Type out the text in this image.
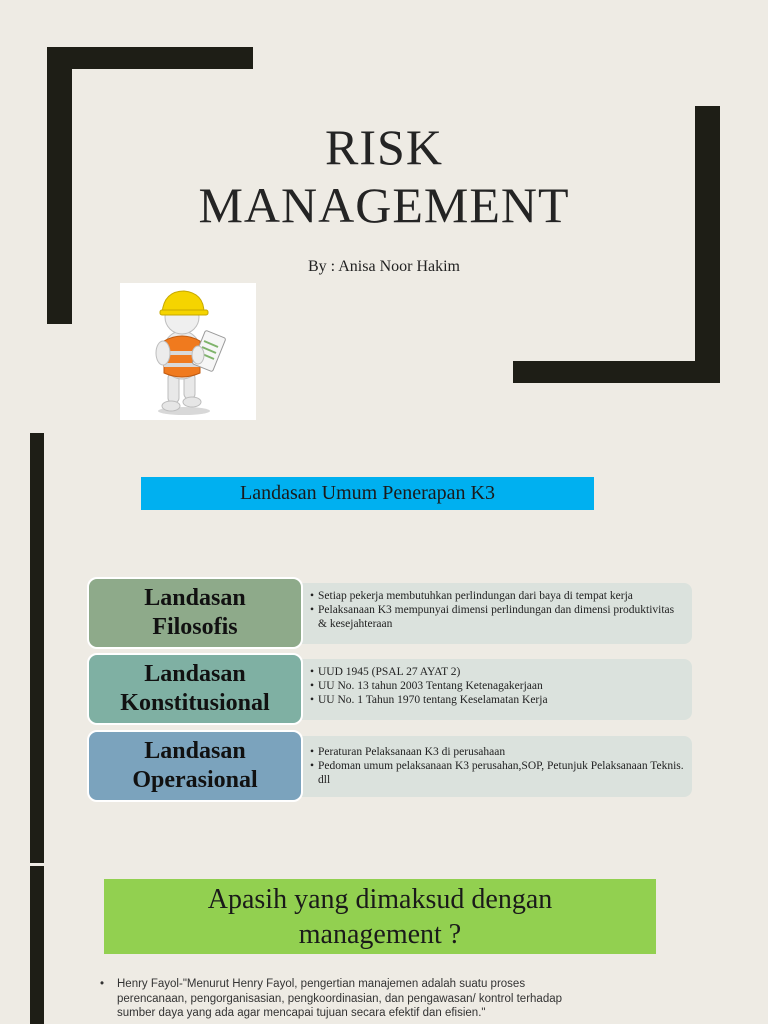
RISK
MANAGEMENT
By : Anisa Noor Hakim
Landasan Umum Penerapan K3
• Setiap pekerja membutuhkan perlindungan dari baya di tempat kerja
• Pelaksanaan K3 mempunyai dimensi perlindungan dan dimensi produktivitas & kesejahteraan
Landasan
Filosofis
• UUD 1945 (PSAL 27 AYAT 2)
• UU No. 13 tahun 2003 Tentang Ketenagakerjaan
• UU No. 1 Tahun 1970 tentang Keselamatan Kerja
Landasan
Konstitusional
• Peraturan Pelaksanaan K3 di perusahaan
• Pedoman umum pelaksanaan K3 perusahan,SOP, Petunjuk Pelaksanaan Teknis. dll
Landasan
Operasional
Apasih yang dimaksud dengan
management ?
• Henry Fayol-"Menurut Henry Fayol, pengertian manajemen adalah suatu proses perencanaan, pengorganisasian, pengkoordinasian, dan pengawasan/ kontrol terhadap sumber daya yang ada agar mencapai tujuan secara efektif dan efisien."
